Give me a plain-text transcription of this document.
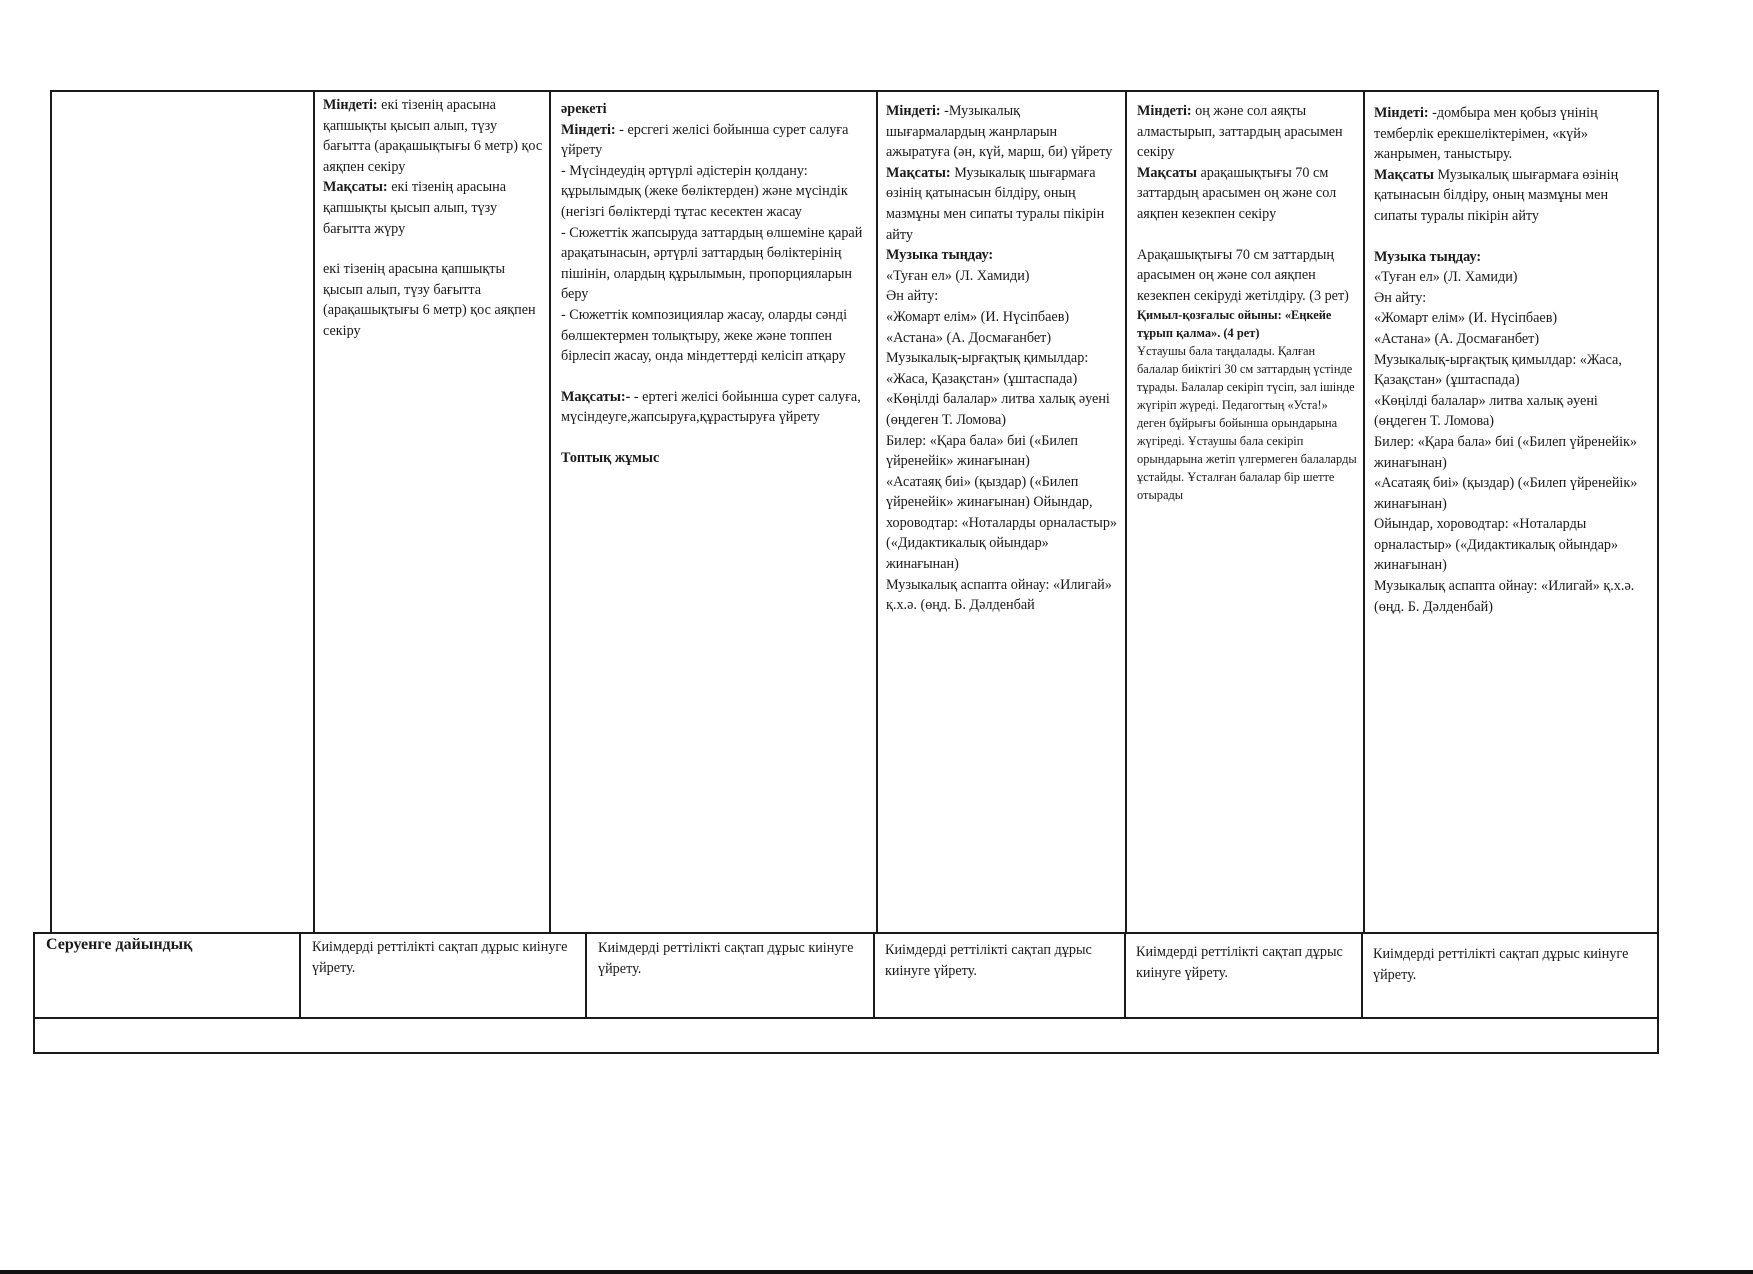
Міндеті: екі тізенің арасына қапшықты қысып алып, түзу бағытта (арақашықтығы 6 метр) қос аяқпен секіру

Мақсаты: екі тізенің арасына қапшықты қысып алып, түзу бағытта жүру

екі тізенің арасына қапшықты қысып алып, түзу бағытта (арақашықтығы 6 метр) қос аяқпен секіру

әрекеті

Міндеті: - ерсгегі желісі бойынша сурет салуға үйрету

- Мүсіндеудің әртүрлі әдістерін қолдану: құрылымдық (жеке бөліктерден) және мүсіндік (негізгі бөліктерді тұтас кесектен жасау

- Сюжеттік жапсыруда заттардың өлшеміне қарай арақатынасын, әртүрлі заттардың бөліктерінің пішінін, олардың құрылымын, пропорцияларын беру

- Сюжеттік композициялар жасау, оларды сәнді бөлшектермен толықтыру, жеке және топпен бірлесіп жасау, онда міндеттерді келісіп атқару

Мақсаты:- - ертегі желісі бойынша сурет салуға, мүсіндеуге,жапсыруға,құрастыруға үйрету

Топтық жұмыс

Міндеті: -Музыкалық шығармалардың жанрларын ажыратуға (ән, күй, марш, би) үйрету

Мақсаты: Музыкалық шығармаға өзінің қатынасын білдіру, оның мазмұны мен сипаты туралы пікірін айту

Музыка тыңдау:

«Туған ел» (Л. Хамиди)

Ән айту:

«Жомарт елім» (И. Нүсіпбаев)

«Астана» (А. Досмағанбет)

Музыкалық-ырғақтық қимылдар:

«Жаса, Қазақстан» (ұштаспада)

«Көңілді балалар» литва халық әуені (өңдеген Т. Ломова)

Билер: «Қара бала» биі («Билеп үйренейік» жинағынан)

«Асатаяқ биі» (қыздар) («Билеп үйренейік» жинағынан) Ойындар, хороводтар: «Ноталарды орналастыр» («Дидактикалық ойындар» жинағынан)

Музыкалық аспапта ойнау: «Илигай» қ.х.ә. (өңд. Б. Дәлденбай

Міндеті: оң және сол аяқты алмастырып, заттардың арасымен секіру

Мақсаты арақашықтығы 70 см заттардың арасымен оң және сол аяқпен кезекпен секіру

Арақашықтығы 70 см заттардың арасымен оң және сол аяқпен кезекпен секіруді жетілдіру. (3 рет)

Қимыл-қозғалыс ойыны: «Еңкейе тұрып қалма». (4 рет)

Ұстаушы бала таңдалады. Қалған балалар биіктігі 30 см заттардың үстінде тұрады. Балалар секіріп түсіп, зал ішінде жүгіріп жүреді. Педагогтың «Уста!» деген бұйрығы бойынша орындарына жүгіреді. Ұстаушы бала секіріп орындарына жетіп үлгермеген балаларды ұстайды. Ұсталған балалар бір шетте отырады

Міндеті: -домбыра мен қобыз үнінің темберлік ерекшеліктерімен, «күй» жанрымен, таныстыру.

Мақсаты Музыкалық шығармаға өзінің қатынасын білдіру, оның мазмұны мен сипаты туралы пікірін айту

Музыка тыңдау:

«Туған ел» (Л. Хамиди)

Ән айту:

«Жомарт елім» (И. Нүсіпбаев)

«Астана» (А. Досмағанбет)

Музыкалық-ырғақтық қимылдар: «Жаса, Қазақстан» (ұштаспада)

«Көңілді балалар» литва халық әуені (өңдеген Т. Ломова)

Билер: «Қара бала» биі («Билеп үйренейік» жинағынан)

«Асатаяқ биі» (қыздар) («Билеп үйренейік» жинағынан)

Ойындар, хороводтар: «Ноталарды орналастыр» («Дидактикалық ойындар» жинағынан)

Музыкалық аспапта ойнау: «Илигай» қ.х.ә. (өңд. Б. Дәлденбай)

Серуенге дайындық	Киімдерді реттілікті сақтап дұрыс киінуге үйрету.
Киімдерді реттілікті сақтап дұрыс киінуге үйрету.
Киімдерді реттілікті сақтап дұрыс киінуге үйрету.
Киімдерді реттілікті сақтап дұрыс киінуге үйрету.
Киімдерді реттілікті сақтап дұрыс киінуге үйрету.
